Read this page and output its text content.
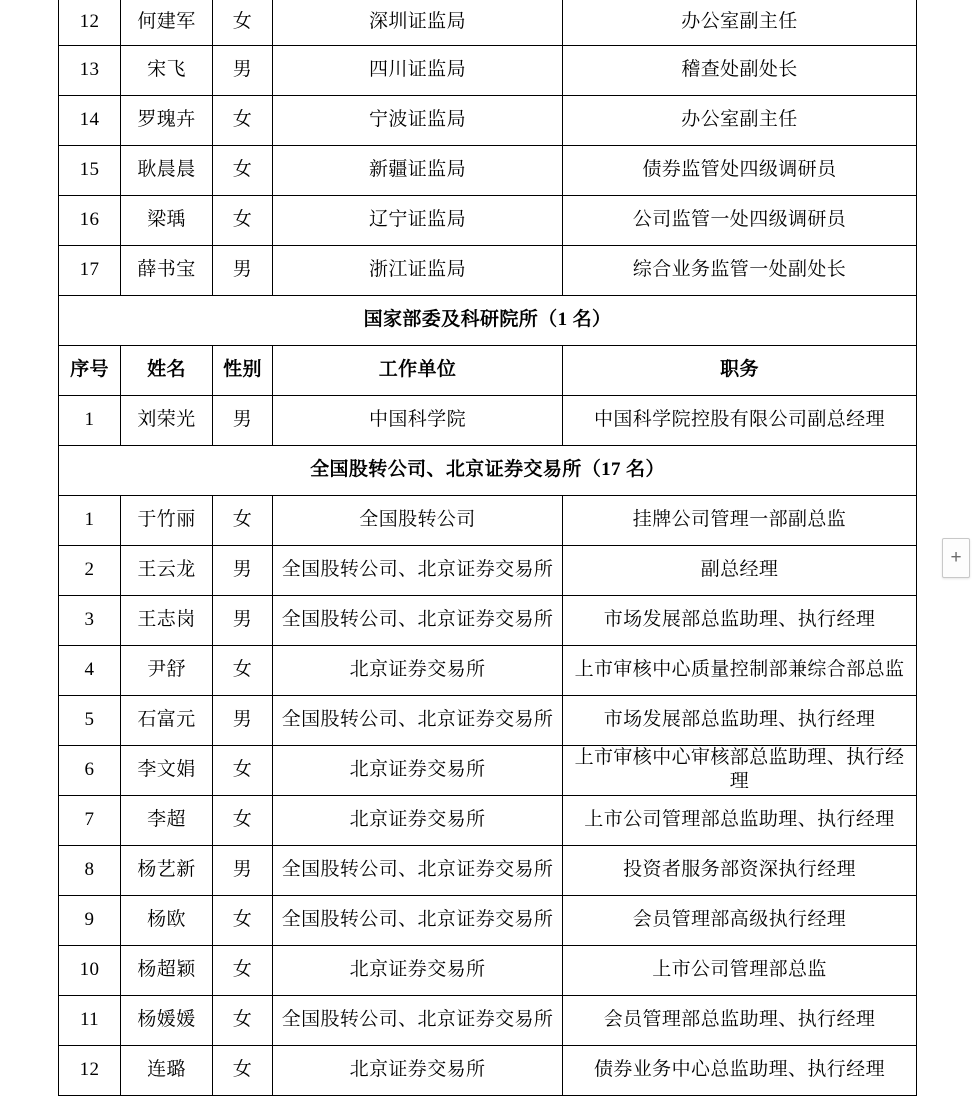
12	何建军	女	深圳证监局	办公室副主任
13	宋飞	男	四川证监局	稽查处副处长
14	罗瑰卉	女	宁波证监局	办公室副主任
15	耿晨晨	女	新疆证监局	债券监管处四级调研员
16	梁瑀	女	辽宁证监局	公司监管一处四级调研员
17	薛书宝	男	浙江证监局	综合业务监管一处副处长
国家部委及科研院所（1 名）				
序号	姓名	性别	工作单位	职务
1	刘荣光	男	中国科学院	中国科学院控股有限公司副总经理
全国股转公司、北京证券交易所（17 名）				
1	于竹丽	女	全国股转公司	挂牌公司管理一部副总监
2	王云龙	男	全国股转公司、北京证券交易所	副总经理
3	王志岗	男	全国股转公司、北京证券交易所	市场发展部总监助理、执行经理
4	尹舒	女	北京证券交易所	上市审核中心质量控制部兼综合部总监
5	石富元	男	全国股转公司、北京证券交易所	市场发展部总监助理、执行经理
6	李文娟	女	北京证券交易所	上市审核中心审核部总监助理、执行经理
7	李超	女	北京证券交易所	上市公司管理部总监助理、执行经理
8	杨艺新	男	全国股转公司、北京证券交易所	投资者服务部资深执行经理
9	杨欧	女	全国股转公司、北京证券交易所	会员管理部高级执行经理
10	杨超颖	女	北京证券交易所	上市公司管理部总监
11	杨媛媛	女	全国股转公司、北京证券交易所	会员管理部总监助理、执行经理
12	连璐	女	北京证券交易所	债券业务中心总监助理、执行经理
+
